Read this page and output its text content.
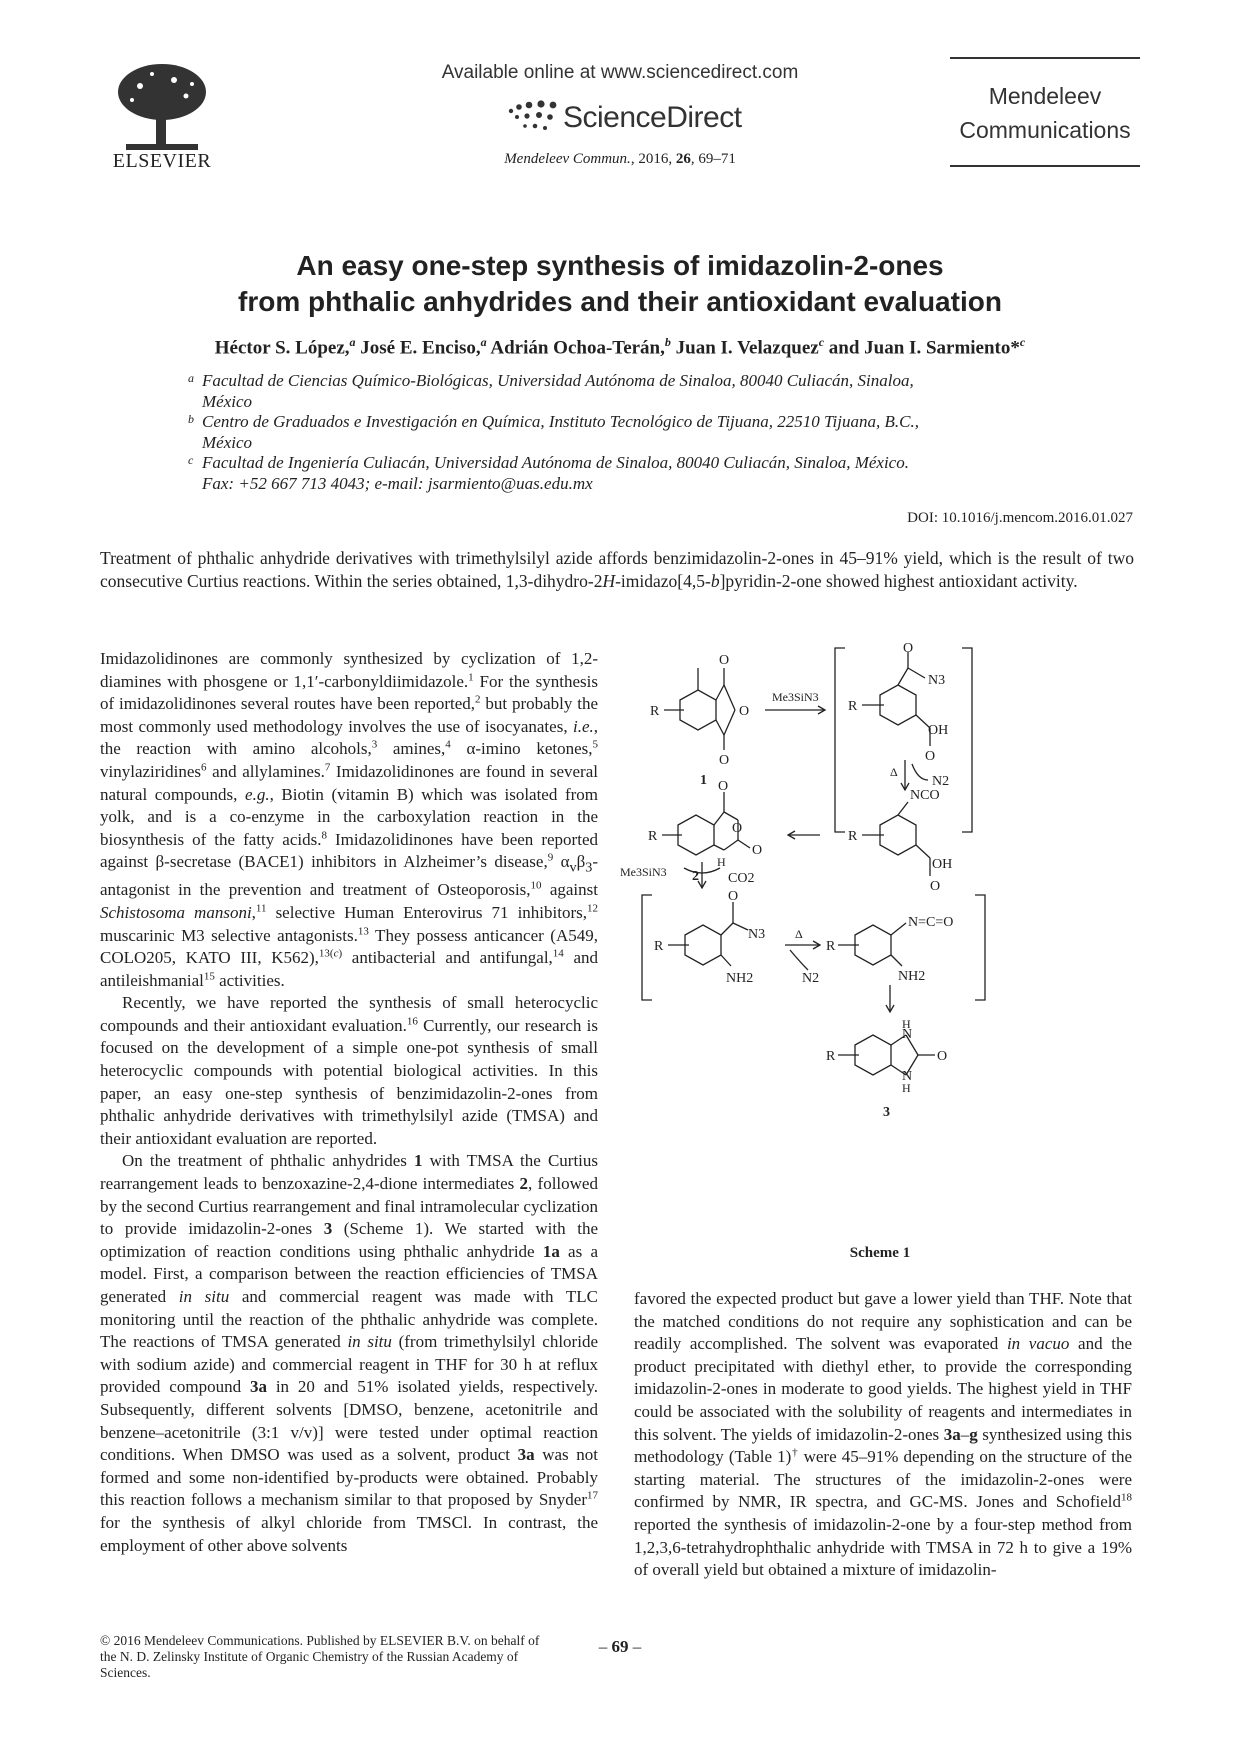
ELSEVIER
Available online at www.sciencedirect.com
ScienceDirect
Mendeleev Commun., 2016, 26, 69–71
Mendeleev
Communications
An easy one-step synthesis of imidazolin-2-ones
from phthalic anhydrides and their antioxidant evaluation
Héctor S. López,$^a$ José E. Enciso,$^a$ Adrián Ochoa-Terán,$^b$ Juan I. Velazquez$^c$ and Juan I. Sarmiento*$^c$
a Facultad de Ciencias Químico-Biológicas, Universidad Autónoma de Sinaloa, 80040 Culiacán, Sinaloa,
México
b Centro de Graduados e Investigación en Química, Instituto Tecnológico de Tijuana, 22510 Tijuana, B.C.,
México
c Facultad de Ingeniería Culiacán, Universidad Autónoma de Sinaloa, 80040 Culiacán, Sinaloa, México.
Fax: +52 667 713 4043; e-mail: jsarmiento@uas.edu.mx
DOI: 10.1016/j.mencom.2016.01.027
Treatment of phthalic anhydride derivatives with trimethylsilyl azide affords benzimidazolin-2-ones in 45–91% yield, which is the result of two consecutive Curtius reactions. Within the series obtained, 1,3-dihydro-2H-imidazo[4,5-b]pyridin-2-one showed highest antioxidant activity.

Imidazolidinones are commonly synthesized by cyclization of 1,2-diamines with phosgene or 1,1′-carbonyldiimidazole.$^1$ For the synthesis of imidazolidinones several routes have been reported,$^2$ but probably the most commonly used methodology involves the use of isocyanates, i.e., the reaction with amino alcohols,$^3$ amines,$^4$ α-imino ketones,$^5$ vinylaziridines$^6$ and allylamines.$^7$ Imidazolidinones are found in several natural compounds, e.g., Biotin (vitamin B) which was isolated from yolk, and is a co-enzyme in the carboxylation reaction in the biosynthesis of the fatty acids.$^8$ Imidazolidinones have been reported against β-secretase (BACE1) inhibitors in Alzheimer’s disease,$^9$ $\alpha_v\beta_3$-antagonist in the prevention and treatment of Osteoporosis,$^{10}$ against Schistosoma mansoni,$^{11}$ selective Human Enterovirus 71 inhibitors,$^{12}$ muscarinic M3 selective antagonists.$^{13}$ They possess anticancer (A549, COLO205, KATO III, K562),$^{13(c)}$ antibacterial and antifungal,$^{14}$ and antileishmanial$^{15}$ activities.

Recently, we have reported the synthesis of small heterocyclic compounds and their antioxidant evaluation.$^{16}$ Currently, our research is focused on the development of a simple one-pot synthesis of small heterocyclic compounds with potential biological activities. In this paper, an easy one-step synthesis of benzimidazolin-2-ones from phthalic anhydride derivatives with trimethylsilyl azide (TMSA) and their antioxidant evaluation are reported.

On the treatment of phthalic anhydrides 1 with TMSA the Curtius rearrangement leads to benzoxazine-2,4-dione intermediates 2, followed by the second Curtius rearrangement and final intramolecular cyclization to provide imidazolin-2-ones 3 (Scheme 1). We started with the optimization of reaction conditions using phthalic anhydride 1a as a model. First, a comparison between the reaction efficiencies of TMSA generated in situ and commercial reagent was made with TLC monitoring until the reaction of the phthalic anhydride was complete. The reactions of TMSA generated in situ (from trimethylsilyl chloride with sodium azide) and commercial reagent in THF for 30 h at reflux provided compound 3a in 20 and 51% isolated yields, respectively. Subsequently, different solvents [DMSO, benzene, acetonitrile and benzene–acetonitrile (3:1 v/v)] were tested under optimal reaction conditions. When DMSO was used as a solvent, product 3a was not formed and some non-identified by-products were obtained. Probably this reaction follows a mechanism similar to that proposed by Snyder$^{17}$ for the synthesis of alkyl chloride from TMSCl. In contrast, the employment of other above solvents

O
O
O
R
1
Me3SiN3
O
N3
OH
O
R
Δ
N2
NCO
O
OH
R
O
O
O
H
R
2
Me3SiN3	CO2
O
N3
NH2
R
Δ
N2
N=C=O
NH2
R
H
N
N
H
O
R
3
Scheme 1

favored the expected product but gave a lower yield than THF. Note that the matched conditions do not require any sophistication and can be readily accomplished. The solvent was evaporated in vacuo and the product precipitated with diethyl ether, to provide the corresponding imidazolin-2-ones in moderate to good yields. The highest yield in THF could be associated with the solubility of reagents and intermediates in this solvent. The yields of imidazolin-2-ones 3a–g synthesized using this methodology (Table 1)† were 45–91% depending on the structure of the starting material. The structures of the imidazolin-2-ones were confirmed by NMR, IR spectra, and GC-MS. Jones and Schofield$^{18}$ reported the synthesis of imidazolin-2-one by a four-step method from 1,2,3,6-tetrahydrophthalic anhydride with TMSA in 72 h to give a 19% of overall yield but obtained a mixture of imidazolin-

© 2016 Mendeleev Communications. Published by ELSEVIER B.V. on behalf of the N. D. Zelinsky Institute of Organic Chemistry of the Russian Academy of Sciences.
– 69 –
